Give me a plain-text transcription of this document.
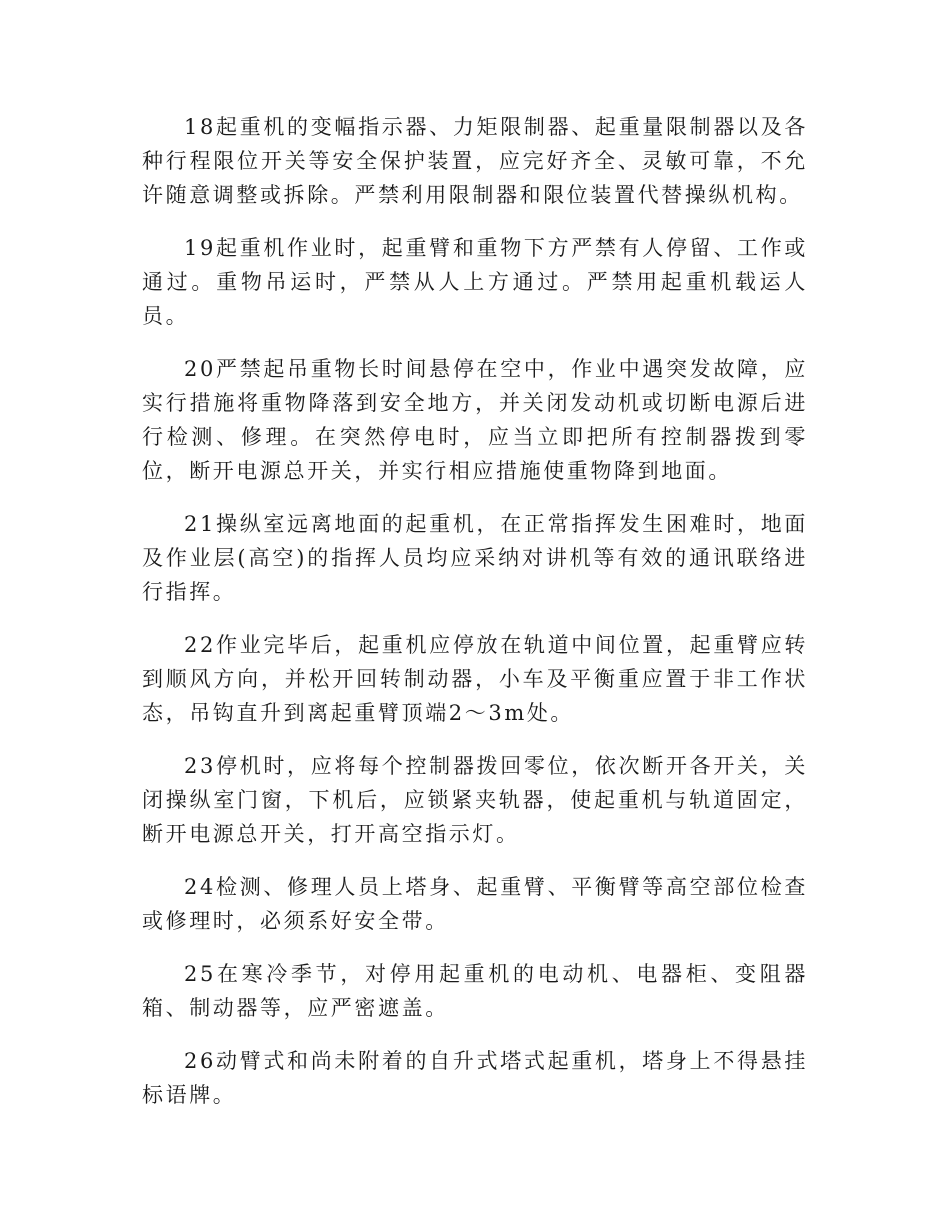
18起重机的变幅指示器、力矩限制器、起重量限制器以及各种行程限位开关等安全保护装置，应完好齐全、灵敏可靠，不允许随意调整或拆除。严禁利用限制器和限位装置代替操纵机构。

19起重机作业时，起重臂和重物下方严禁有人停留、工作或通过。重物吊运时，严禁从人上方通过。严禁用起重机载运人员。

20严禁起吊重物长时间悬停在空中，作业中遇突发故障，应实行措施将重物降落到安全地方，并关闭发动机或切断电源后进行检测、修理。在突然停电时，应当立即把所有控制器拨到零位，断开电源总开关，并实行相应措施使重物降到地面。

21操纵室远离地面的起重机，在正常指挥发生困难时，地面及作业层(高空)的指挥人员均应采纳对讲机等有效的通讯联络进行指挥。

22作业完毕后，起重机应停放在轨道中间位置，起重臂应转到顺风方向，并松开回转制动器，小车及平衡重应置于非工作状态，吊钩直升到离起重臂顶端2～3m处。

23停机时，应将每个控制器拨回零位，依次断开各开关，关闭操纵室门窗，下机后，应锁紧夹轨器，使起重机与轨道固定，断开电源总开关，打开高空指示灯。

24检测、修理人员上塔身、起重臂、平衡臂等高空部位检查或修理时，必须系好安全带。

25在寒冷季节，对停用起重机的电动机、电器柜、变阻器箱、制动器等，应严密遮盖。

26动臂式和尚未附着的自升式塔式起重机，塔身上不得悬挂标语牌。
